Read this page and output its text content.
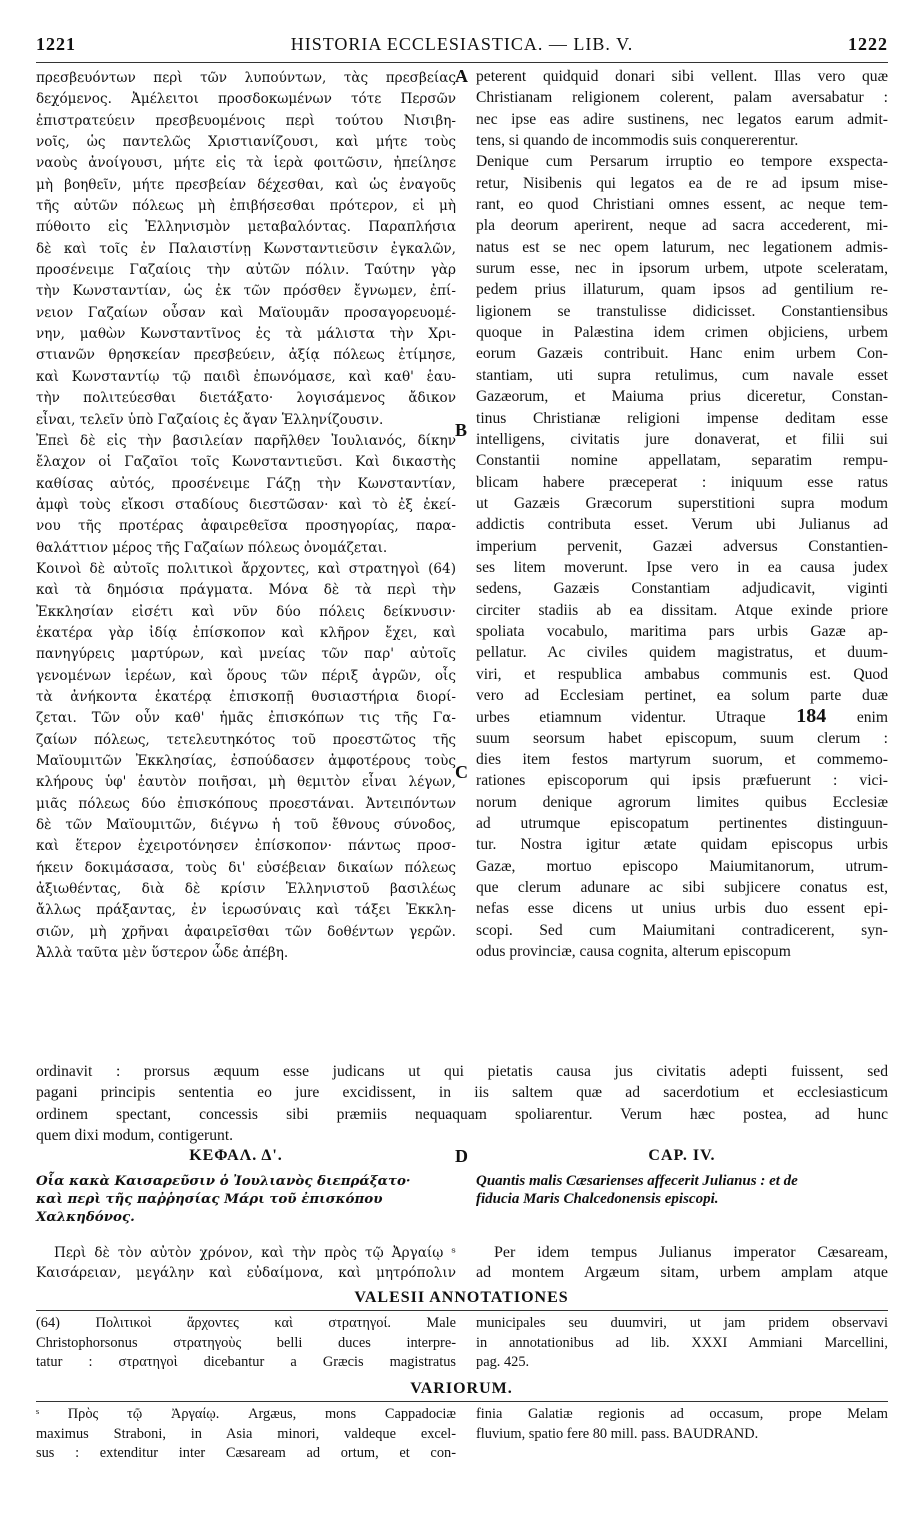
1221	HISTORIA ECCLESIASTICA. — LIB. V.	1222
πρεσβευόντων περὶ τῶν λυπούντων, τὰς πρεσβείας
δεχόμενος. Ἀμέλειτοι προσδοκωμένων τότε Περσῶν
ἐπιστρατεύειν πρεσβευομένοις περὶ τούτου Νισιβη-
νοῖς, ὡς παντελῶς Χριστιανίζουσι, καὶ μήτε τοὺς
ναοὺς ἀνοίγουσι, μήτε εἰς τὰ ἱερὰ φοιτῶσιν, ἠπείλησε
μὴ βοηθεῖν, μήτε πρεσβείαν δέχεσθαι, καὶ ὡς ἐναγοῦς
τῆς αὐτῶν πόλεως μὴ ἐπιβήσεσθαι πρότερον, εἰ μὴ
πύθοιτο εἰς Ἑλληνισμὸν μεταβαλόντας. Παραπλήσια
δὲ καὶ τοῖς ἐν Παλαιστίνῃ Κωνσταντιεῦσιν ἐγκαλῶν,
προσένειμε Γαζαίοις τὴν αὐτῶν πόλιν. Ταύτην γὰρ
τὴν Κωνσταντίαν, ὡς ἐκ τῶν πρόσθεν ἔγνωμεν, ἐπί-
νειον Γαζαίων οὖσαν καὶ Μαϊουμᾶν προσαγορευομέ-
νην, μαθὼν Κωνσταντῖνος ἐς τὰ μάλιστα τὴν Χρι-
στιανῶν θρησκείαν πρεσβεύειν, ἀξίᾳ πόλεως ἐτίμησε,
καὶ Κωνσταντίῳ τῷ παιδὶ ἐπωνόμασε, καὶ καθ' ἑαυ-
τὴν πολιτεύεσθαι διετάξατο· λογισάμενος ἄδικον
εἶναι, τελεῖν ὑπὸ Γαζαίοις ἐς ἄγαν Ἑλληνίζουσιν.
Ἐπεὶ δὲ εἰς τὴν βασιλείαν παρῆλθεν Ἰουλιανός, δίκην
ἔλαχον οἱ Γαζαῖοι τοῖς Κωνσταντιεῦσι. Καὶ δικαστὴς
καθίσας αὐτός, προσένειμε Γάζῃ τὴν Κωνσταντίαν,
ἀμφὶ τοὺς εἴκοσι σταδίους διεστῶσαν· καὶ τὸ ἐξ ἐκεί-
νου τῆς προτέρας ἀφαιρεθεῖσα προσηγορίας, παρα-
θαλάττιον μέρος τῆς Γαζαίων πόλεως ὀνομάζεται.
Κοινοὶ δὲ αὐτοῖς πολιτικοὶ ἄρχοντες, καὶ στρατηγοὶ (64)
καὶ τὰ δημόσια πράγματα. Μόνα δὲ τὰ περὶ τὴν
Ἐκκλησίαν εἰσέτι καὶ νῦν δύο πόλεις δείκνυσιν·
ἑκατέρα γὰρ ἰδίᾳ ἐπίσκοπον καὶ κλῆρον ἔχει, καὶ
πανηγύρεις μαρτύρων, καὶ μνείας τῶν παρ' αὐτοῖς
γενομένων ἱερέων, καὶ ὅρους τῶν πέριξ ἀγρῶν, οἷς
τὰ ἀνήκοντα ἑκατέρᾳ ἐπισκοπῇ θυσιαστήρια διορί-
ζεται. Τῶν οὖν καθ' ἡμᾶς ἐπισκόπων τις τῆς Γα-
ζαίων πόλεως, τετελευτηκότος τοῦ προεστῶτος τῆς
Μαϊουμιτῶν Ἐκκλησίας, ἐσπούδασεν ἀμφοτέρους τοὺς
κλήρους ὑφ' ἑαυτὸν ποιῆσαι, μὴ θεμιτὸν εἶναι λέγων,
μιᾶς πόλεως δύο ἐπισκόπους προεστάναι. Ἀντειπόντων
δὲ τῶν Μαϊουμιτῶν, διέγνω ἡ τοῦ ἔθνους σύνοδος,
καὶ ἕτερον ἐχειροτόνησεν ἐπίσκοπον· πάντως προσ-
ήκειν δοκιμάσασα, τοὺς δι' εὐσέβειαν δικαίων πόλεως
ἀξιωθέντας, διὰ δὲ κρίσιν Ἑλληνιστοῦ βασιλέως
ἄλλως πράξαντας, ἐν ἱερωσύναις καὶ τάξει Ἐκκλη-
σιῶν, μὴ χρῆναι ἀφαιρεῖσθαι τῶν δοθέντων γερῶν.
Ἀλλὰ ταῦτα μὲν ὕστερον ὧδε ἀπέβη.
peterent quidquid donari sibi vellent. Illas vero quæ
Christianam religionem colerent, palam aversabatur :
nec ipse eas adire sustinens, nec legatos earum admit-
tens, si quando de incommodis suis conquererentur.
Denique cum Persarum irruptio eo tempore exspecta-
retur, Nisibenis qui legatos ea de re ad ipsum mise-
rant, eo quod Christiani omnes essent, ac neque tem-
pla deorum aperirent, neque ad sacra accederent, mi-
natus est se nec opem laturum, nec legationem admis-
surum esse, nec in ipsorum urbem, utpote sceleratam,
pedem prius illaturum, quam ipsos ad gentilium re-
ligionem se transtulisse didicisset. Constantiensibus
quoque in Palæstina idem crimen objiciens, urbem
eorum Gazæis contribuit. Hanc enim urbem Con-
stantiam, uti supra retulimus, cum navale esset
Gazæorum, et Maiuma prius diceretur, Constan-
tinus Christianæ religioni impense deditam esse
intelligens, civitatis jure donaverat, et filii sui
Constantii nomine appellatam, separatim rempu-
blicam habere præceperat : iniquum esse ratus
ut Gazæis Græcorum superstitioni supra modum
addictis contributa esset. Verum ubi Julianus ad
imperium pervenit, Gazæi adversus Constantien-
ses litem moverunt. Ipse vero in ea causa judex
sedens, Gazæis Constantiam adjudicavit, viginti
circiter stadiis ab ea dissitam. Atque exinde priore
spoliata vocabulo, maritima pars urbis Gazæ ap-
pellatur. Ac civiles quidem magistratus, et duum-
viri, et respublica ambabus communis est. Quod
vero ad Ecclesiam pertinet, ea solum parte duæ
urbes etiamnum videntur. Utraque 184 enim
suum seorsum habet episcopum, suum clerum :
dies item festos martyrum suorum, et commemo-
rationes episcoporum qui ipsis præfuerunt : vici-
norum denique agrorum limites quibus Ecclesiæ
ad utrumque episcopatum pertinentes distinguun-
tur. Nostra igitur ætate quidam episcopus urbis
Gazæ, mortuo episcopo Maiumitanorum, utrum-
que clerum adunare ac sibi subjicere conatus est,
nefas esse dicens ut unius urbis duo essent epi-
scopi. Sed cum Maiumitani contradicerent, syn-
odus provinciæ, causa cognita, alterum episcopum
A
B
C
ordinavit : prorsus æquum esse judicans ut qui pietatis causa jus civitatis adepti fuissent, sed
pagani principis sententia eo jure excidissent, in iis saltem quæ ad sacerdotium et ecclesiasticum
ordinem spectant, concessis sibi præmiis nequaquam spoliarentur. Verum hæc postea, ad hunc
quem dixi modum, contigerunt.
ΚΕΦΑΛ. Δ'.	D	CAP. IV.
Οἷα κακὰ Καισαρεῦσιν ὁ Ἰουλιανὸς διεπράξατο·
καὶ περὶ τῆς παῤῥησίας Μάρι τοῦ ἐπισκόπου
Χαλκηδόνος.
Quantis malis Cæsarienses affecerit Julianus : et de
fiducia Maris Chalcedonensis episcopi.
Περὶ δὲ τὸν αὐτὸν χρόνον, καὶ τὴν πρὸς τῷ Ἀργαίῳ ˢ
Καισάρειαν, μεγάλην καὶ εὐδαίμονα, καὶ μητρόπολιν
Per idem tempus Julianus imperator Cæsaream,
ad montem Argæum sitam, urbem amplam atque
VALESII ANNOTATIONES
(64) Πολιτικοὶ ἄρχοντες καὶ στρατηγοί. Male
Christophorsonus στρατηγοὺς belli duces interpre-
tatur : στρατηγοὶ dicebantur a Græcis magistratus
municipales seu duumviri, ut jam pridem observavi
in annotationibus ad lib. XXXI Ammiani Marcellini,
pag. 425.
VARIORUM.
ˢ Πρὸς τῷ Ἀργαίῳ. Argæus, mons Cappadociæ
maximus Straboni, in Asia minori, valdeque excel-
sus : extenditur inter Cæsaream ad ortum, et con-
finia Galatiæ regionis ad occasum, prope Melam
fluvium, spatio fere 80 mill. pass. BAUDRAND.
